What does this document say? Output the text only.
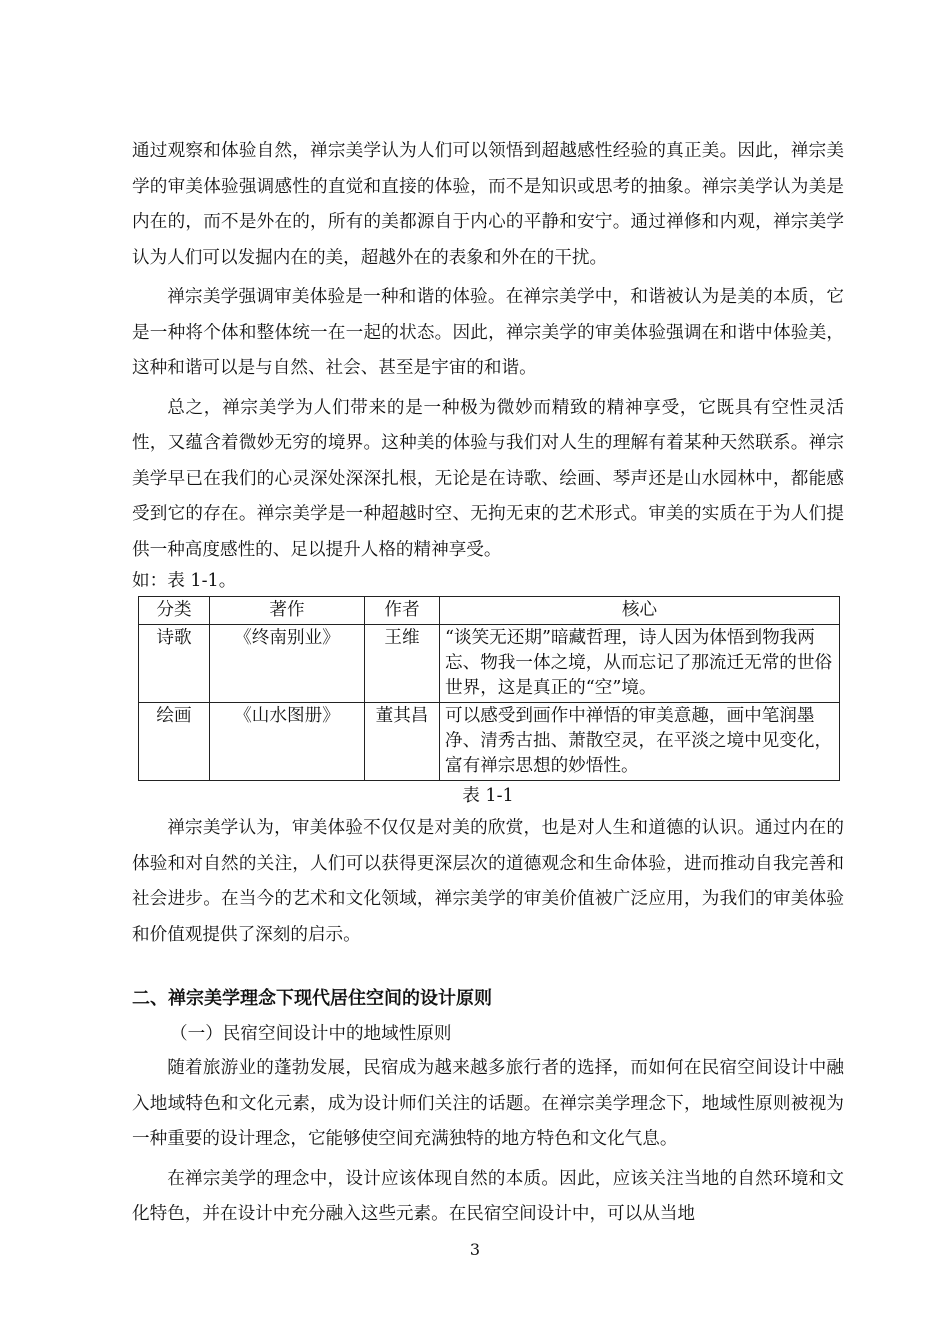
通过观察和体验自然，禅宗美学认为人们可以领悟到超越感性经验的真正美。因此，禅宗美学的审美体验强调感性的直觉和直接的体验，而不是知识或思考的抽象。禅宗美学认为美是内在的，而不是外在的，所有的美都源自于内心的平静和安宁。通过禅修和内观，禅宗美学认为人们可以发掘内在的美，超越外在的表象和外在的干扰。

禅宗美学强调审美体验是一种和谐的体验。在禅宗美学中，和谐被认为是美的本质，它是一种将个体和整体统一在一起的状态。因此，禅宗美学的审美体验强调在和谐中体验美，这种和谐可以是与自然、社会、甚至是宇宙的和谐。

总之，禅宗美学为人们带来的是一种极为微妙而精致的精神享受，它既具有空性灵活性，又蕴含着微妙无穷的境界。这种美的体验与我们对人生的理解有着某种天然联系。禅宗美学早已在我们的心灵深处深深扎根，无论是在诗歌、绘画、琴声还是山水园林中，都能感受到它的存在。禅宗美学是一种超越时空、无拘无束的艺术形式。审美的实质在于为人们提供一种高度感性的、足以提升人格的精神享受。

如：表 1-1。

分类	著作	作者	核心
诗歌	《终南别业》	王维	“谈笑无还期”暗藏哲理，诗人因为体悟到物我两忘、物我一体之境，从而忘记了那流迁无常的世俗世界，这是真正的“空”境。
绘画	《山水图册》	董其昌	可以感受到画作中禅悟的审美意趣，画中笔润墨净、清秀古拙、萧散空灵，在平淡之境中见变化，富有禅宗思想的妙悟性。
表 1-1

禅宗美学认为，审美体验不仅仅是对美的欣赏，也是对人生和道德的认识。通过内在的体验和对自然的关注，人们可以获得更深层次的道德观念和生命体验，进而推动自我完善和社会进步。在当今的艺术和文化领域，禅宗美学的审美价值被广泛应用，为我们的审美体验和价值观提供了深刻的启示。

二、禅宗美学理念下现代居住空间的设计原则
（一）民宿空间设计中的地域性原则

随着旅游业的蓬勃发展，民宿成为越来越多旅行者的选择，而如何在民宿空间设计中融入地域特色和文化元素，成为设计师们关注的话题。在禅宗美学理念下，地域性原则被视为一种重要的设计理念，它能够使空间充满独特的地方特色和文化气息。

在禅宗美学的理念中，设计应该体现自然的本质。因此，应该关注当地的自然环境和文化特色，并在设计中充分融入这些元素。在民宿空间设计中，可以从当地

3
